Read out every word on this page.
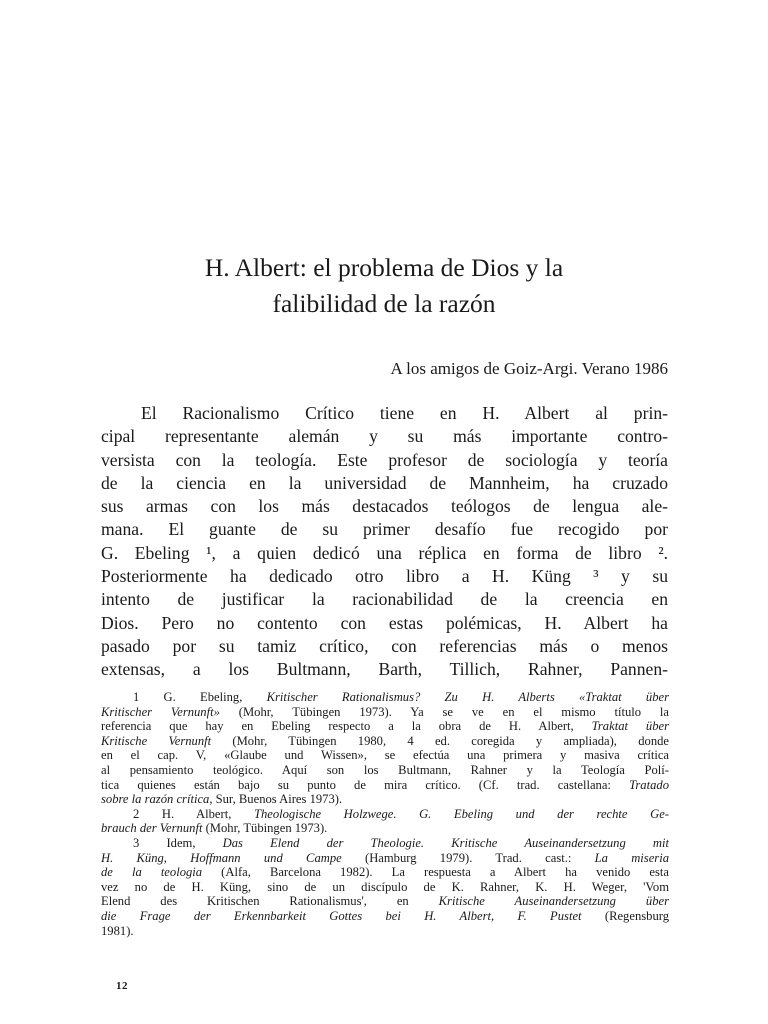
H. Albert: el problema de Dios y la
falibilidad de la razón
A los amigos de Goiz-Argi. Verano 1986
El Racionalismo Crítico tiene en H. Albert al prin-
cipal representante alemán y su más importante contro-
versista con la teología. Este profesor de sociología y teoría
de la ciencia en la universidad de Mannheim, ha cruzado
sus armas con los más destacados teólogos de lengua ale-
mana. El guante de su primer desafío fue recogido por
G. Ebeling ¹, a quien dedicó una réplica en forma de libro ².
Posteriormente ha dedicado otro libro a H. Küng ³ y su
intento de justificar la racionabilidad de la creencia en
Dios. Pero no contento con estas polémicas, H. Albert ha
pasado por su tamiz crítico, con referencias más o menos
extensas, a los Bultmann, Barth, Tillich, Rahner, Pannen-
1 G. Ebeling, Kritischer Rationalismus? Zu H. Alberts «Traktat über
Kritischer Vernunft» (Mohr, Tübingen 1973). Ya se ve en el mismo título la
referencia que hay en Ebeling respecto a la obra de H. Albert, Traktat über
Kritische Vernunft (Mohr, Tübingen 1980, 4 ed. coregida y ampliada), donde
en el cap. V, «Glaube und Wissen», se efectúa una primera y masiva crítica
al pensamiento teológico. Aquí son los Bultmann, Rahner y la Teología Polí-
tica quienes están bajo su punto de mira crítico. (Cf. trad. castellana: Tratado
sobre la razón crítica, Sur, Buenos Aires 1973).
2 H. Albert, Theologische Holzwege. G. Ebeling und der rechte Ge-
brauch der Vernunft (Mohr, Tübingen 1973).
3 Idem, Das Elend der Theologie. Kritische Auseinandersetzung mit
H. Küng, Hoffmann und Campe (Hamburg 1979). Trad. cast.: La miseria
de la teologia (Alfa, Barcelona 1982). La respuesta a Albert ha venido esta
vez no de H. Küng, sino de un discípulo de K. Rahner, K. H. Weger, 'Vom
Elend des Kritischen Rationalismus', en Kritische Auseinandersetzung über
die Frage der Erkennbarkeit Gottes bei H. Albert, F. Pustet (Regensburg
1981).
12
